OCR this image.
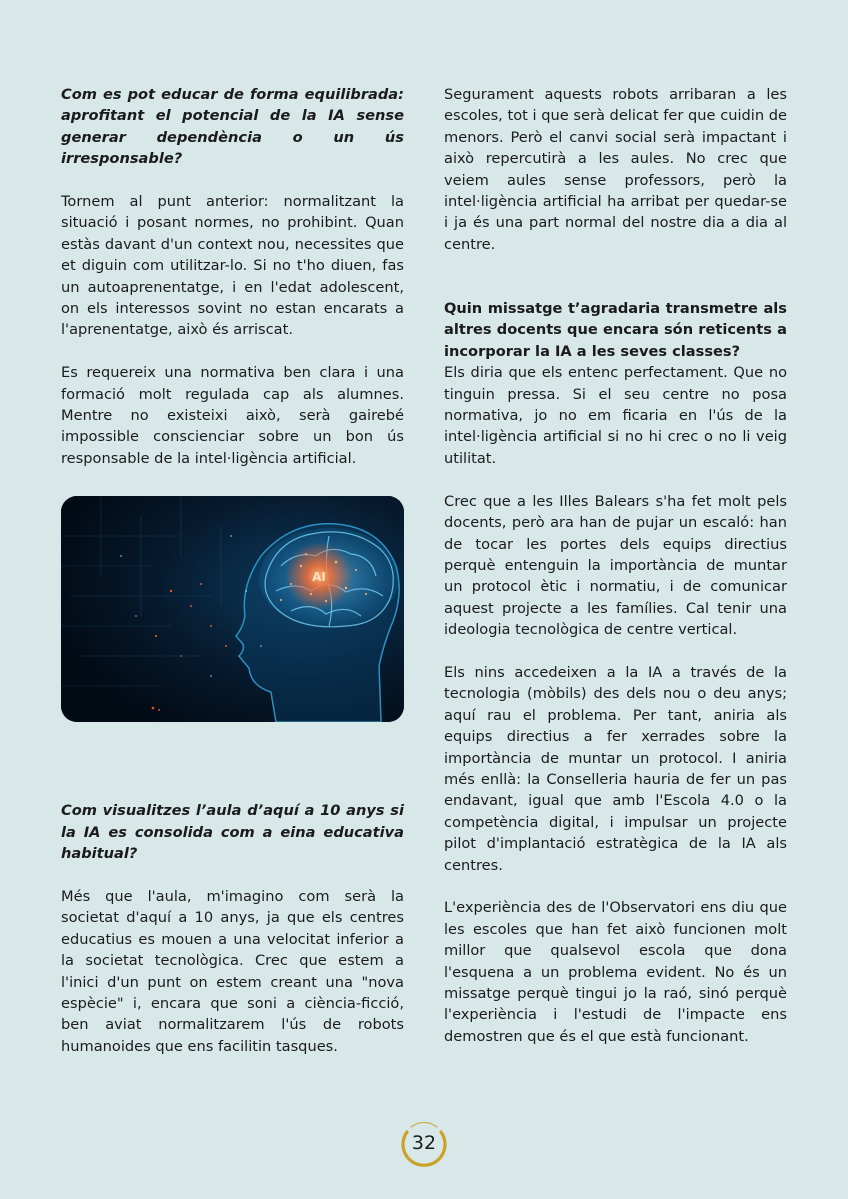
Com es pot educar de forma equilibrada: aprofitant el potencial de la IA sense generar dependència o un ús irresponsable?

Tornem al punt anterior: normalitzant la situació i posant normes, no prohibint. Quan estàs davant d'un context nou, necessites que et diguin com utilitzar-lo. Si no t'ho diuen, fas un autoaprenentatge, i en l'edat adolescent, on els interessos sovint no estan encarats a l'aprenentatge, això és arriscat.

Es requereix una normativa ben clara i una formació molt regulada cap als alumnes. Mentre no existeixi això, serà gairebé impossible conscienciar sobre un bon ús responsable de la intel·ligència artificial.

AI

Com visualitzes l’aula d’aquí a 10 anys si la IA es consolida com a eina educativa habitual?

Més que l'aula, m'imagino com serà la societat d'aquí a 10 anys, ja que els centres educatius es mouen a una velocitat inferior a la societat tecnològica. Crec que estem a l'inici d'un punt on estem creant una "nova espècie" i, encara que soni a ciència-ficció, ben aviat normalitzarem l'ús de robots humanoides que ens facilitin tasques.

Segurament aquests robots arribaran a les escoles, tot i que serà delicat fer que cuidin de menors. Però el canvi social serà impactant i això repercutirà a les aules. No crec que veiem aules sense professors, però la intel·ligència artificial ha arribat per quedar-se i ja és una part normal del nostre dia a dia al centre.

Quin missatge t’agradaria transmetre als altres docents que encara són reticents a incorporar la IA a les seves classes?

Els diria que els entenc perfectament. Que no tinguin pressa. Si el seu centre no posa normativa, jo no em ficaria en l'ús de la intel·ligència artificial si no hi crec o no li veig utilitat.

Crec que a les Illes Balears s'ha fet molt pels docents, però ara han de pujar un escaló: han de tocar les portes dels equips directius perquè entenguin la importància de muntar un protocol ètic i normatiu, i de comunicar aquest projecte a les famílies. Cal tenir una ideologia tecnològica de centre vertical.

Els nins accedeixen a la IA a través de la tecnologia (mòbils) des dels nou o deu anys; aquí rau el problema. Per tant, aniria als equips directius a fer xerrades sobre la importància de muntar un protocol. I aniria més enllà: la Conselleria hauria de fer un pas endavant, igual que amb l'Escola 4.0 o la competència digital, i impulsar un projecte pilot d'implantació estratègica de la IA als centres.

L'experiència des de l'Observatori ens diu que les escoles que han fet això funcionen molt millor que qualsevol escola que dona l'esquena a un problema evident. No és un missatge perquè tingui jo la raó, sinó perquè l'experiència i l'estudi de l'impacte ens demostren que és el que està funcionant.

32
